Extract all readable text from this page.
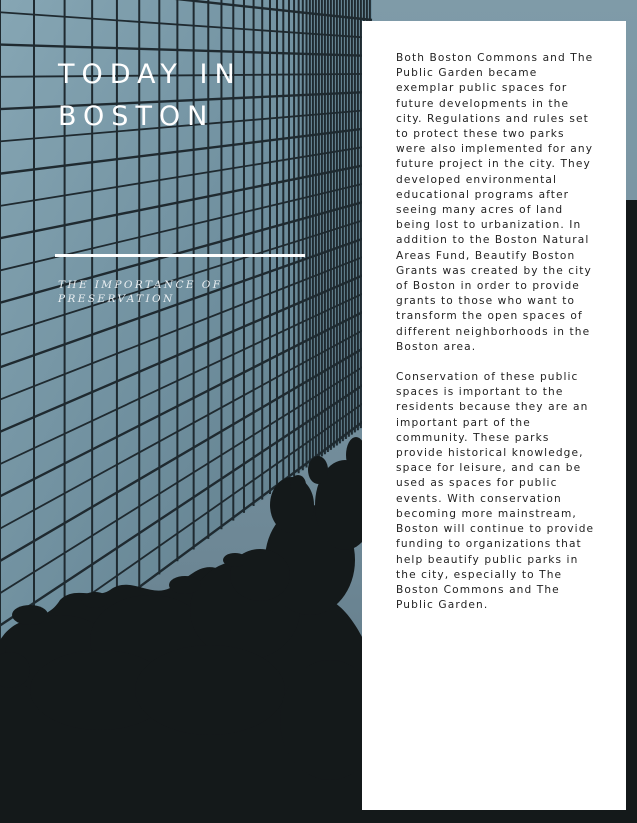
TODAY IN BOSTON

THE IMPORTANCE OF PRESERVATION

Both Boston Commons and The Public Garden became exemplar public spaces for future developments in the city. Regulations and rules set to protect these two parks were also implemented for any future project in the city. They developed environmental educational programs after seeing many acres of land being lost to urbanization. In addition to the Boston Natural Areas Fund, Beautify Boston Grants was created by the city of Boston in order to provide grants to those who want to transform the open spaces of different neighborhoods in the Boston area.

Conservation of these public spaces is important to the residents because they are an important part of the community. These parks provide historical knowledge, space for leisure, and can be used as spaces for public events. With conservation becoming more mainstream, Boston will continue to provide funding to organizations that help beautify public parks in the city, especially to The Boston Commons and The Public Garden.
